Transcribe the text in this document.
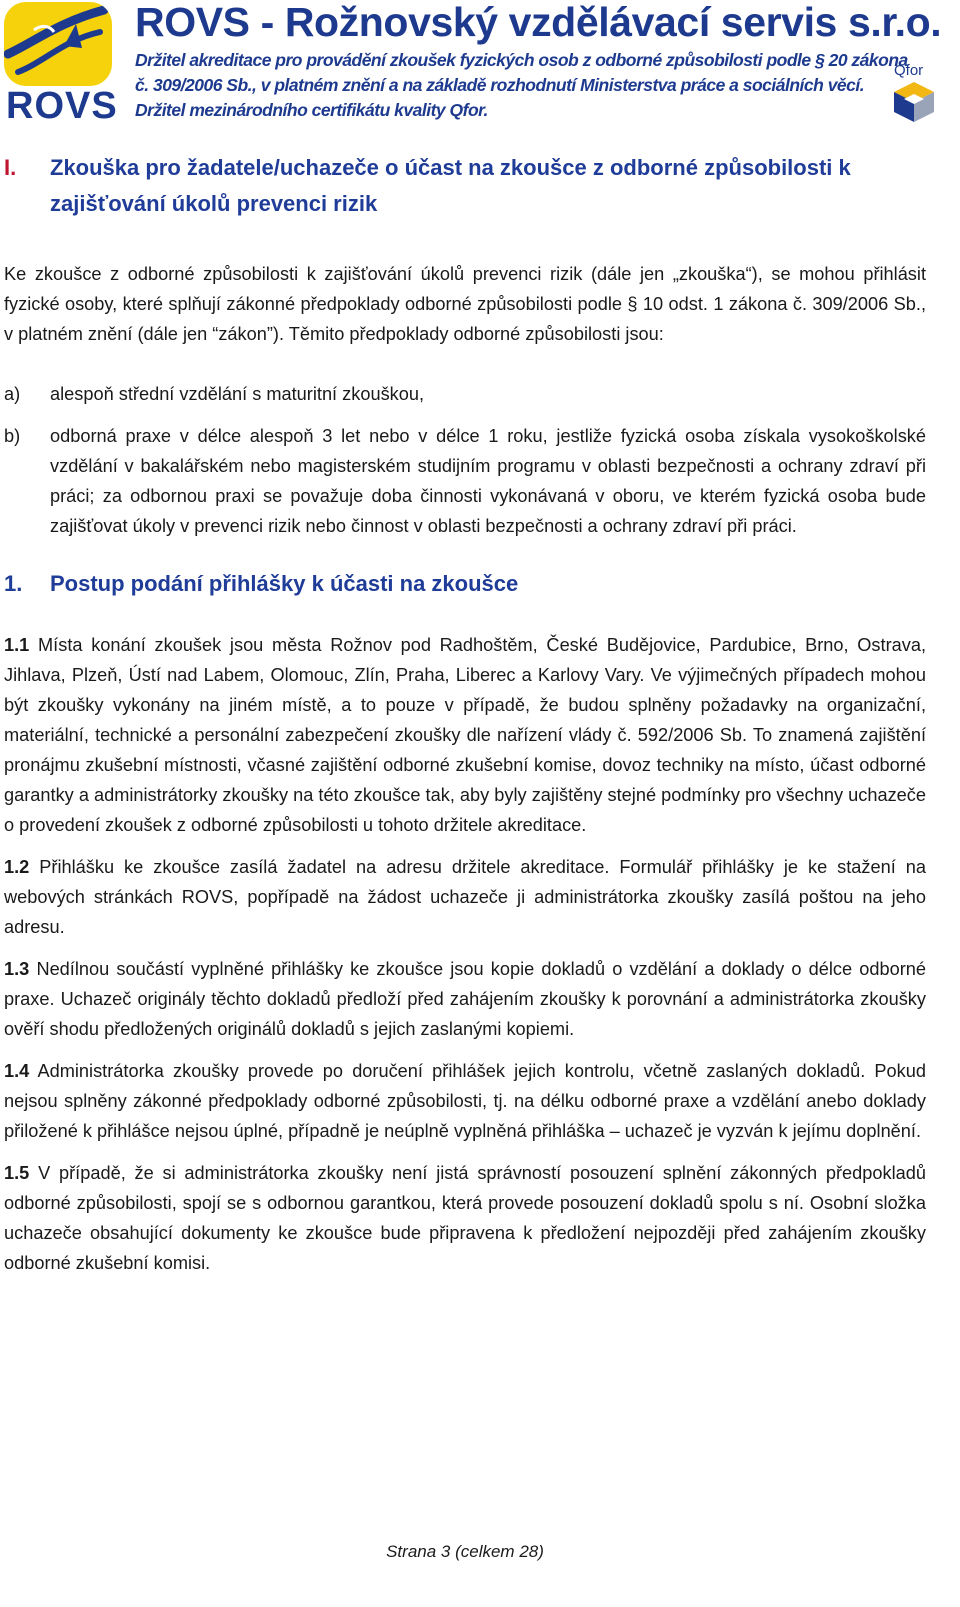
ROVS
ROVS - Rožnovský vzdělávací servis s.r.o.
Držitel akreditace pro provádění zkoušek fyzických osob z odborné způsobilosti podle § 20 zákona
č. 309/2006 Sb., v platném znění a na základě rozhodnutí Ministerstva práce a sociálních věcí.
Držitel mezinárodního certifikátu kvality Qfor.
Qfor
I.	Zkouška pro žadatele/uchazeče o účast na zkoušce z odborné způsobilosti k zajišťování úkolů prevenci rizik

Ke zkoušce z odborné způsobilosti k zajišťování úkolů prevenci rizik (dále jen „zkouška“), se mohou přihlásit fyzické osoby, které splňují zákonné předpoklady odborné způsobilosti podle § 10 odst. 1 zákona č. 309/2006 Sb., v platném znění (dále jen “zákon”). Těmito předpoklady odborné způsobilosti jsou:

a)	alespoň střední vzdělání s maturitní zkouškou,
b)	odborná praxe v délce alespoň 3 let nebo v délce 1 roku, jestliže fyzická osoba získala vysokoškolské vzdělání v bakalářském nebo magisterském studijním programu v oblasti bezpečnosti a ochrany zdraví při práci; za odbornou praxi se považuje doba činnosti vykonávaná v oboru, ve kterém fyzická osoba bude zajišťovat úkoly v prevenci rizik nebo činnost v oblasti bezpečnosti a ochrany zdraví při práci.
1.	Postup podání přihlášky k účasti na zkoušce

1.1 Místa konání zkoušek jsou města Rožnov pod Radhoštěm, České Budějovice, Pardubice, Brno, Ostrava, Jihlava, Plzeň, Ústí nad Labem, Olomouc, Zlín, Praha, Liberec a Karlovy Vary. Ve výjimečných případech mohou být zkoušky vykonány na jiném místě, a to pouze v případě, že budou splněny požadavky na organizační, materiální, technické a personální zabezpečení zkoušky dle nařízení vlády č. 592/2006 Sb. To znamená zajištění pronájmu zkušební místnosti, včasné zajištění odborné zkušební komise, dovoz techniky na místo, účast odborné garantky a administrátorky zkoušky na této zkoušce tak, aby byly zajištěny stejné podmínky pro všechny uchazeče o provedení zkoušek z odborné způsobilosti u tohoto držitele akreditace.

1.2 Přihlášku ke zkoušce zasílá žadatel na adresu držitele akreditace. Formulář přihlášky je ke stažení na webových stránkách ROVS, popřípadě na žádost uchazeče ji administrátorka zkoušky zasílá poštou na jeho adresu.

1.3 Nedílnou součástí vyplněné přihlášky ke zkoušce jsou kopie dokladů o vzdělání a doklady o délce odborné praxe. Uchazeč originály těchto dokladů předloží před zahájením zkoušky k porovnání a administrátorka zkoušky ověří shodu předložených originálů dokladů s jejich zaslanými kopiemi.

1.4 Administrátorka zkoušky provede po doručení přihlášek jejich kontrolu, včetně zaslaných dokladů. Pokud nejsou splněny zákonné předpoklady odborné způsobilosti, tj. na délku odborné praxe a vzdělání anebo doklady přiložené k přihlášce nejsou úplné, případně je neúplně vyplněná přihláška – uchazeč je vyzván k jejímu doplnění.

1.5 V případě, že si administrátorka zkoušky není jistá správností posouzení splnění zákonných předpokladů odborné způsobilosti, spojí se s odbornou garantkou, která provede posouzení dokladů spolu s ní. Osobní složka uchazeče obsahující dokumenty ke zkoušce bude připravena k předložení nejpozději před zahájením zkoušky odborné zkušební komisi.

Strana 3 (celkem 28)
